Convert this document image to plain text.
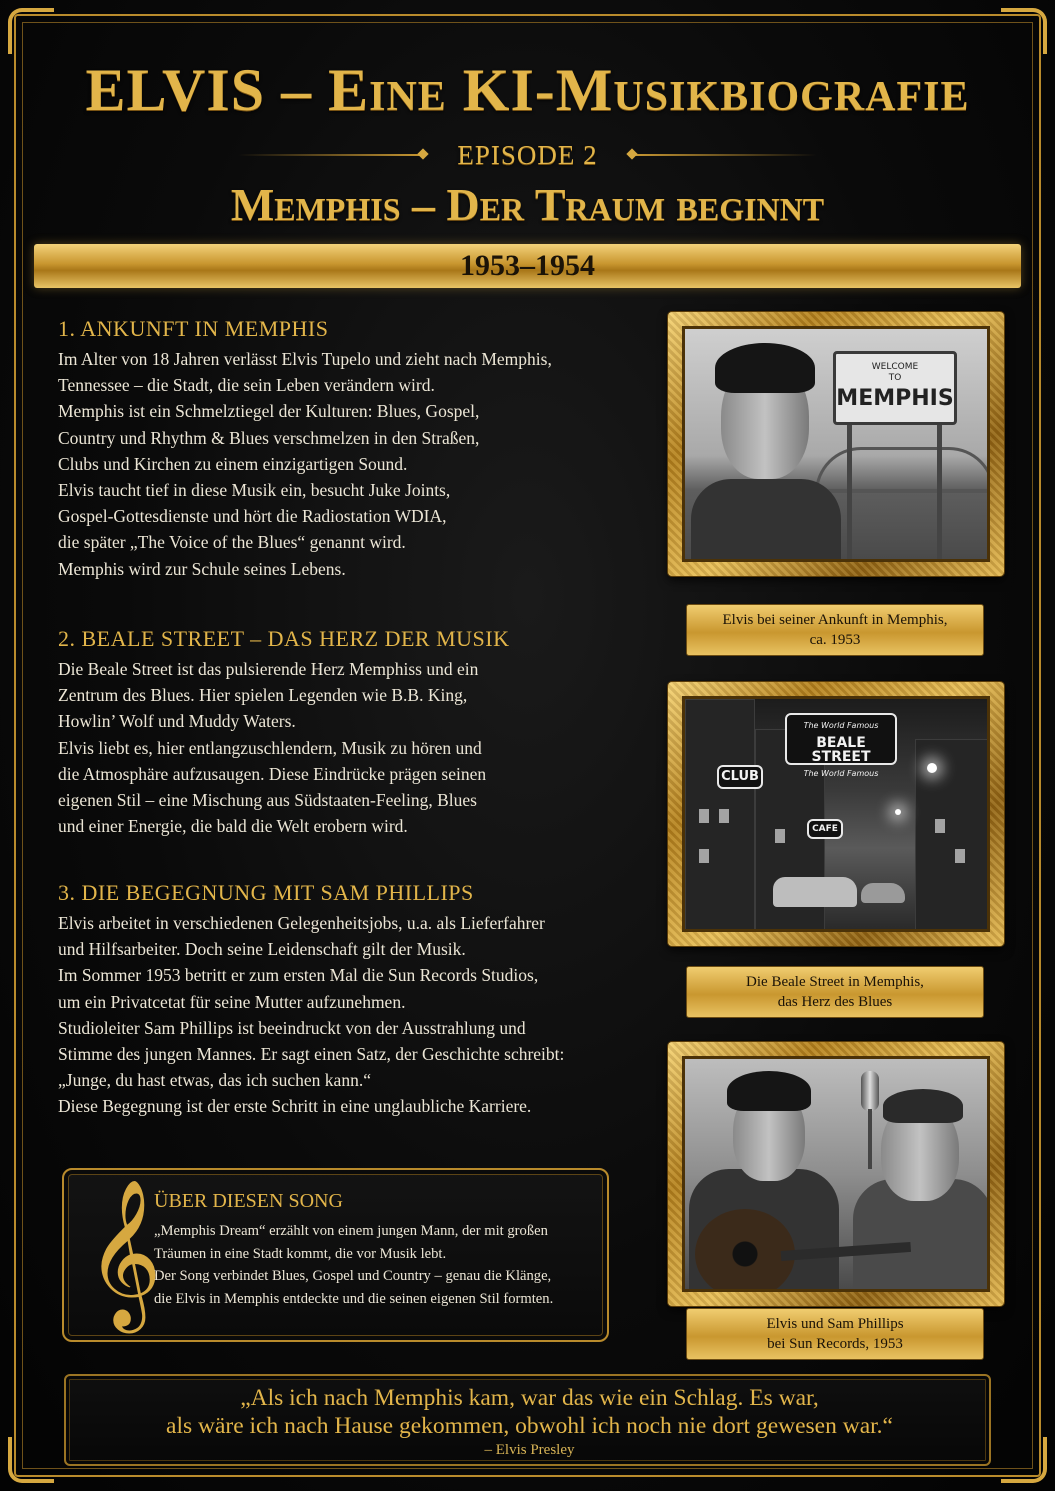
ELVIS – Eine KI-Musikbiografie
EPISODE 2
Memphis – Der Traum beginnt
1953–1954
1. ANKUNFT IN MEMPHIS

Im Alter von 18 Jahren verlässt Elvis Tupelo und zieht nach Memphis,
Tennessee – die Stadt, die sein Leben verändern wird.
Memphis ist ein Schmelztiegel der Kulturen: Blues, Gospel,
Country und Rhythm & Blues verschmelzen in den Straßen,
Clubs und Kirchen zu einem einzigartigen Sound.
Elvis taucht tief in diese Musik ein, besucht Juke Joints,
Gospel-Gottesdienste und hört die Radiostation WDIA,
die später „The Voice of the Blues“ genannt wird.
Memphis wird zur Schule seines Lebens.

2. BEALE STREET – DAS HERZ DER MUSIK

Die Beale Street ist das pulsierende Herz Memphiss und ein
Zentrum des Blues. Hier spielen Legenden wie B.B. King,
Howlin’ Wolf und Muddy Waters.
Elvis liebt es, hier entlangzuschlendern, Musik zu hören und
die Atmosphäre aufzusaugen. Diese Eindrücke prägen seinen
eigenen Stil – eine Mischung aus Südstaaten-Feeling, Blues
und einer Energie, die bald die Welt erobern wird.

3. DIE BEGEGNUNG MIT SAM PHILLIPS

Elvis arbeitet in verschiedenen Gelegenheitsjobs, u.a. als Lieferfahrer
und Hilfsarbeiter. Doch seine Leidenschaft gilt der Musik.
Im Sommer 1953 betritt er zum ersten Mal die Sun Records Studios,
um ein Privatcetat für seine Mutter aufzunehmen.
Studioleiter Sam Phillips ist beeindruckt von der Ausstrahlung und
Stimme des jungen Mannes. Er sagt einen Satz, der Geschichte schreibt:
„Junge, du hast etwas, das ich suchen kann.“
Diese Begegnung ist der erste Schritt in eine unglaubliche Karriere.

𝄞
ÜBER DIESEN SONG

„Memphis Dream“ erzählt von einem jungen Mann, der mit großen
Träumen in eine Stadt kommt, die vor Musik lebt.
Der Song verbindet Blues, Gospel und Country – genau die Klänge,
die Elvis in Memphis entdeckte und die seinen eigenen Stil formten.

WELCOME
TO
MEMPHIS
Elvis bei seiner Ankunft in Memphis,
ca. 1953
The World Famous
BEALE STREET
The World Famous
CLUB
CAFE
Die Beale Street in Memphis,
das Herz des Blues
Elvis und Sam Phillips
bei Sun Records, 1953
„Als ich nach Memphis kam, war das wie ein Schlag. Es war,
als wäre ich nach Hause gekommen, obwohl ich noch nie dort gewesen war.“
– Elvis Presley
